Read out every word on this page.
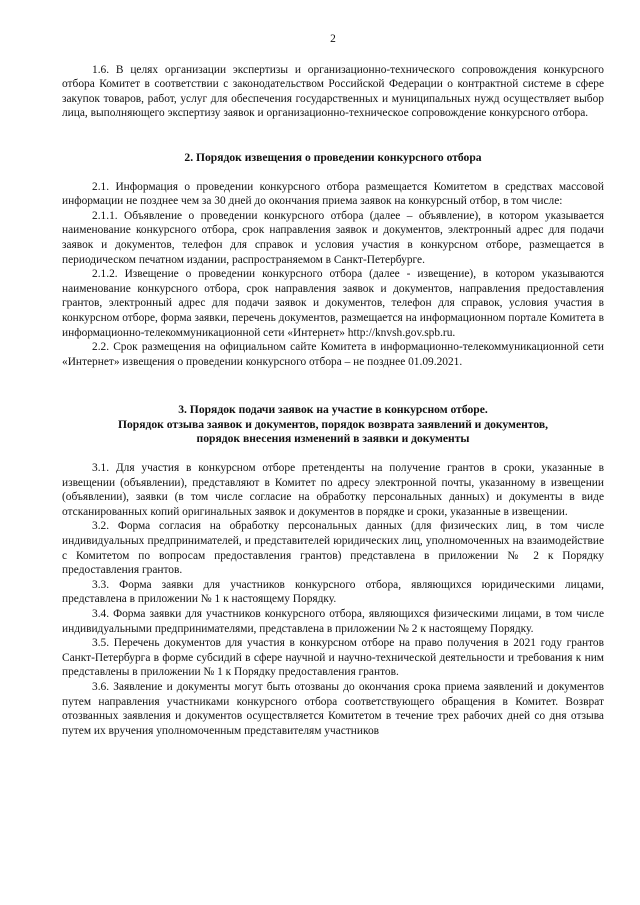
2

1.6. В целях организации экспертизы и организационно-технического сопровождения конкурсного отбора Комитет в соответствии с законодательством Российской Федерации о контрактной системе в сфере закупок товаров, работ, услуг для обеспечения государственных и муниципальных нужд осуществляет выбор лица, выполняющего экспертизу заявок и организационно-техническое сопровождение конкурсного отбора.

2. Порядок извещения о проведении конкурсного отбора

2.1. Информация о проведении конкурсного отбора размещается Комитетом в средствах массовой информации не позднее чем за 30 дней до окончания приема заявок на конкурсный отбор, в том числе:

2.1.1. Объявление о проведении конкурсного отбора (далее – объявление), в котором указывается наименование конкурсного отбора, срок направления заявок и документов, электронный адрес для подачи заявок и документов, телефон для справок и условия участия в конкурсном отборе, размещается в периодическом печатном издании, распространяемом в Санкт-Петербурге.

2.1.2. Извещение о проведении конкурсного отбора (далее - извещение), в котором указываются наименование конкурсного отбора, срок направления заявок и документов, направления предоставления грантов, электронный адрес для подачи заявок и документов, телефон для справок, условия участия в конкурсном отборе, форма заявки, перечень документов, размещается на информационном портале Комитета в информационно-телекоммуникационной сети «Интернет» http://knvsh.gov.spb.ru.

2.2. Срок размещения на официальном сайте Комитета в информационно-телекоммуникационной сети «Интернет» извещения о проведении конкурсного отбора – не позднее 01.09.2021.

3. Порядок подачи заявок на участие в конкурсном отборе.
Порядок отзыва заявок и документов, порядок возврата заявлений и документов,
порядок внесения изменений в заявки и документы

3.1. Для участия в конкурсном отборе претенденты на получение грантов в сроки, указанные в извещении (объявлении), представляют в Комитет по адресу электронной почты, указанному в извещении (объявлении), заявки (в том числе согласие на обработку персональных данных) и документы в виде отсканированных копий оригинальных заявок и документов в порядке и сроки, указанные в извещении.

3.2. Форма согласия на обработку персональных данных (для физических лиц, в том числе индивидуальных предпринимателей, и представителей юридических лиц, уполномоченных на взаимодействие с Комитетом по вопросам предоставления грантов) представлена в приложении № 2 к Порядку предоставления грантов.

3.3. Форма заявки для участников конкурсного отбора, являющихся юридическими лицами, представлена в приложении № 1 к настоящему Порядку.

3.4. Форма заявки для участников конкурсного отбора, являющихся физическими лицами, в том числе индивидуальными предпринимателями, представлена в приложении № 2 к настоящему Порядку.

3.5. Перечень документов для участия в конкурсном отборе на право получения в 2021 году грантов Санкт-Петербурга в форме субсидий в сфере научной и научно-технической деятельности и требования к ним представлены в приложении № 1 к Порядку предоставления грантов.

3.6. Заявление и документы могут быть отозваны до окончания срока приема заявлений и документов путем направления участниками конкурсного отбора соответствующего обращения в Комитет. Возврат отозванных заявления и документов осуществляется Комитетом в течение трех рабочих дней со дня отзыва путем их вручения уполномоченным представителям участников
